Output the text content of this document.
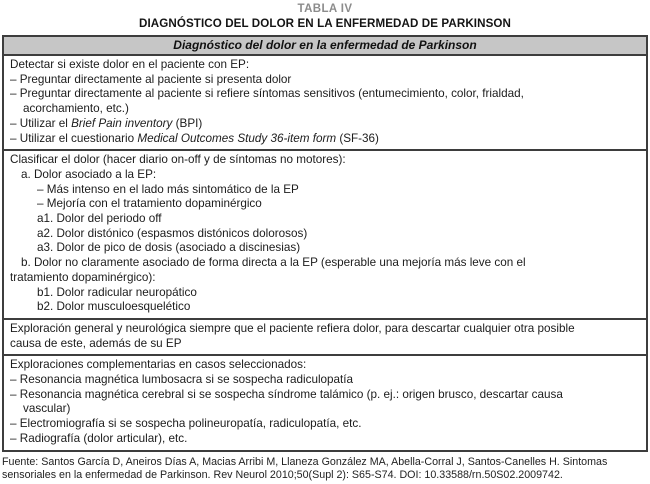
TABLA IV
DIAGNÓSTICO DEL DOLOR EN LA ENFERMEDAD DE PARKINSON
Diagnóstico del dolor en la enfermedad de Parkinson
Detectar si existe dolor en el paciente con EP:
– Preguntar directamente al paciente si presenta dolor
– Preguntar directamente al paciente si refiere síntomas sensitivos (entumecimiento, color, frialdad,
acorchamiento, etc.)
– Utilizar el Brief Pain inventory (BPI)
– Utilizar el cuestionario Medical Outcomes Study 36-item form (SF-36)
Clasificar el dolor (hacer diario on-off y de síntomas no motores):
a. Dolor asociado a la EP:
– Más intenso en el lado más sintomático de la EP
– Mejoría con el tratamiento dopaminérgico
a1. Dolor del periodo off
a2. Dolor distónico (espasmos distónicos dolorosos)
a3. Dolor de pico de dosis (asociado a discinesias)
b. Dolor no claramente asociado de forma directa a la EP (esperable una mejoría más leve con el
tratamiento dopaminérgico):
b1. Dolor radicular neuropático
b2. Dolor musculoesquelético
Exploración general y neurológica siempre que el paciente refiera dolor, para descartar cualquier otra posible
causa de este, además de su EP
Exploraciones complementarias en casos seleccionados:
– Resonancia magnética lumbosacra si se sospecha radiculopatía
– Resonancia magnética cerebral si se sospecha síndrome talámico (p. ej.: origen brusco, descartar causa
vascular)
– Electromiografía si se sospecha polineuropatía, radiculopatía, etc.
– Radiografía (dolor articular), etc.
Fuente: Santos García D, Aneiros Días A, Macias Arribi M, Llaneza González MA, Abella-Corral J, Santos-Canelles H. Sintomas
sensoriales en la enfermedad de Parkinson. Rev Neurol 2010;50(Supl 2): S65-S74. DOI: 10.33588/rn.50S02.2009742.
